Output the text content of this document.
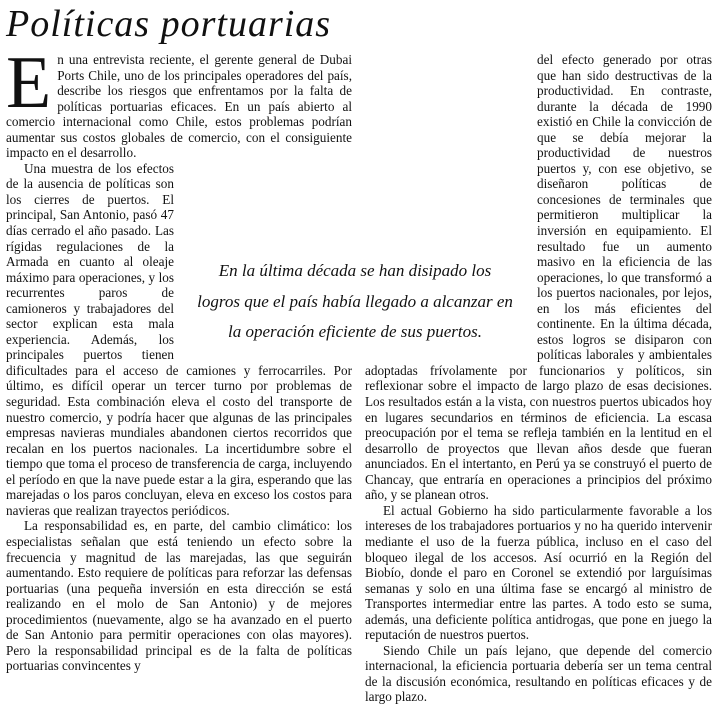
Políticas portuarias

En una entrevista reciente, el gerente general de Dubai Ports Chile, uno de los principales operadores del país, describe los riesgos que enfrentamos por la falta de políticas portuarias eficaces. En un país abierto al comercio internacional como Chile, estos problemas podrían aumentar sus costos globales de comercio, con el consiguiente impacto en el desarrollo.

Una muestra de los efectos de la ausencia de políticas son los cierres de puertos. El principal, San Antonio, pasó 47 días cerrado el año pasado. Las rígidas regulaciones de la Armada en cuanto al oleaje máximo para operaciones, y los recurrentes paros de camioneros y trabajadores del sector explican esta mala experiencia. Además, los principales puertos tienen dificultades para el acceso de camiones y ferrocarriles. Por último, es difícil operar un tercer turno por problemas de seguridad. Esta combinación eleva el costo del transporte de nuestro comercio, y podría hacer que algunas de las principales empresas navieras mundiales abandonen ciertos recorridos que recalan en los puertos nacionales. La incertidumbre sobre el tiempo que toma el proceso de transferencia de carga, incluyendo el período en que la nave puede estar a la gira, esperando que las marejadas o los paros concluyan, eleva en exceso los costos para navieras que realizan trayectos periódicos.

La responsabilidad es, en parte, del cambio climático: los especialistas señalan que está teniendo un efecto sobre la frecuencia y magnitud de las marejadas, las que seguirán aumentando. Esto requiere de políticas para reforzar las defensas portuarias (una pequeña inversión en esta dirección se está realizando en el molo de San Antonio) y de mejores procedimientos (nuevamente, algo se ha avanzado en el puerto de San Antonio para permitir operaciones con olas mayores). Pero la responsabilidad principal es de la falta de políticas portuarias convincentes y

del efecto generado por otras que han sido destructivas de la productividad. En contraste, durante la década de 1990 existió en Chile la convicción de que se debía mejorar la productividad de nuestros puertos y, con ese objetivo, se diseñaron políticas de concesiones de terminales que permitieron multiplicar la inversión en equipamiento. El resultado fue un aumento masivo en la eficiencia de las operaciones, lo que transformó a los puertos nacionales, por lejos, en los más eficientes del continente. En la última década, estos logros se disiparon con políticas laborales y ambientales adoptadas frívolamente por funcionarios y políticos, sin reflexionar sobre el impacto de largo plazo de esas decisiones. Los resultados están a la vista, con nuestros puertos ubicados hoy en lugares secundarios en términos de eficiencia. La escasa preocupación por el tema se refleja también en la lentitud en el desarrollo de proyectos que llevan años desde que fueran anunciados. En el intertanto, en Perú ya se construyó el puerto de Chancay, que entraría en operaciones a principios del próximo año, y se planean otros.

El actual Gobierno ha sido particularmente favorable a los intereses de los trabajadores portuarios y no ha querido intervenir mediante el uso de la fuerza pública, incluso en el caso del bloqueo ilegal de los accesos. Así ocurrió en la Región del Biobío, donde el paro en Coronel se extendió por larguísimas semanas y solo en una última fase se encargó al ministro de Transportes intermediar entre las partes. A todo esto se suma, además, una deficiente política antidrogas, que pone en juego la reputación de nuestros puertos.

Siendo Chile un país lejano, que depende del comercio internacional, la eficiencia portuaria debería ser un tema central de la discusión económica, resultando en políticas eficaces y de largo plazo.

En la última década se han disipado los logros que el país había llegado a alcanzar en la operación eficiente de sus puertos.
